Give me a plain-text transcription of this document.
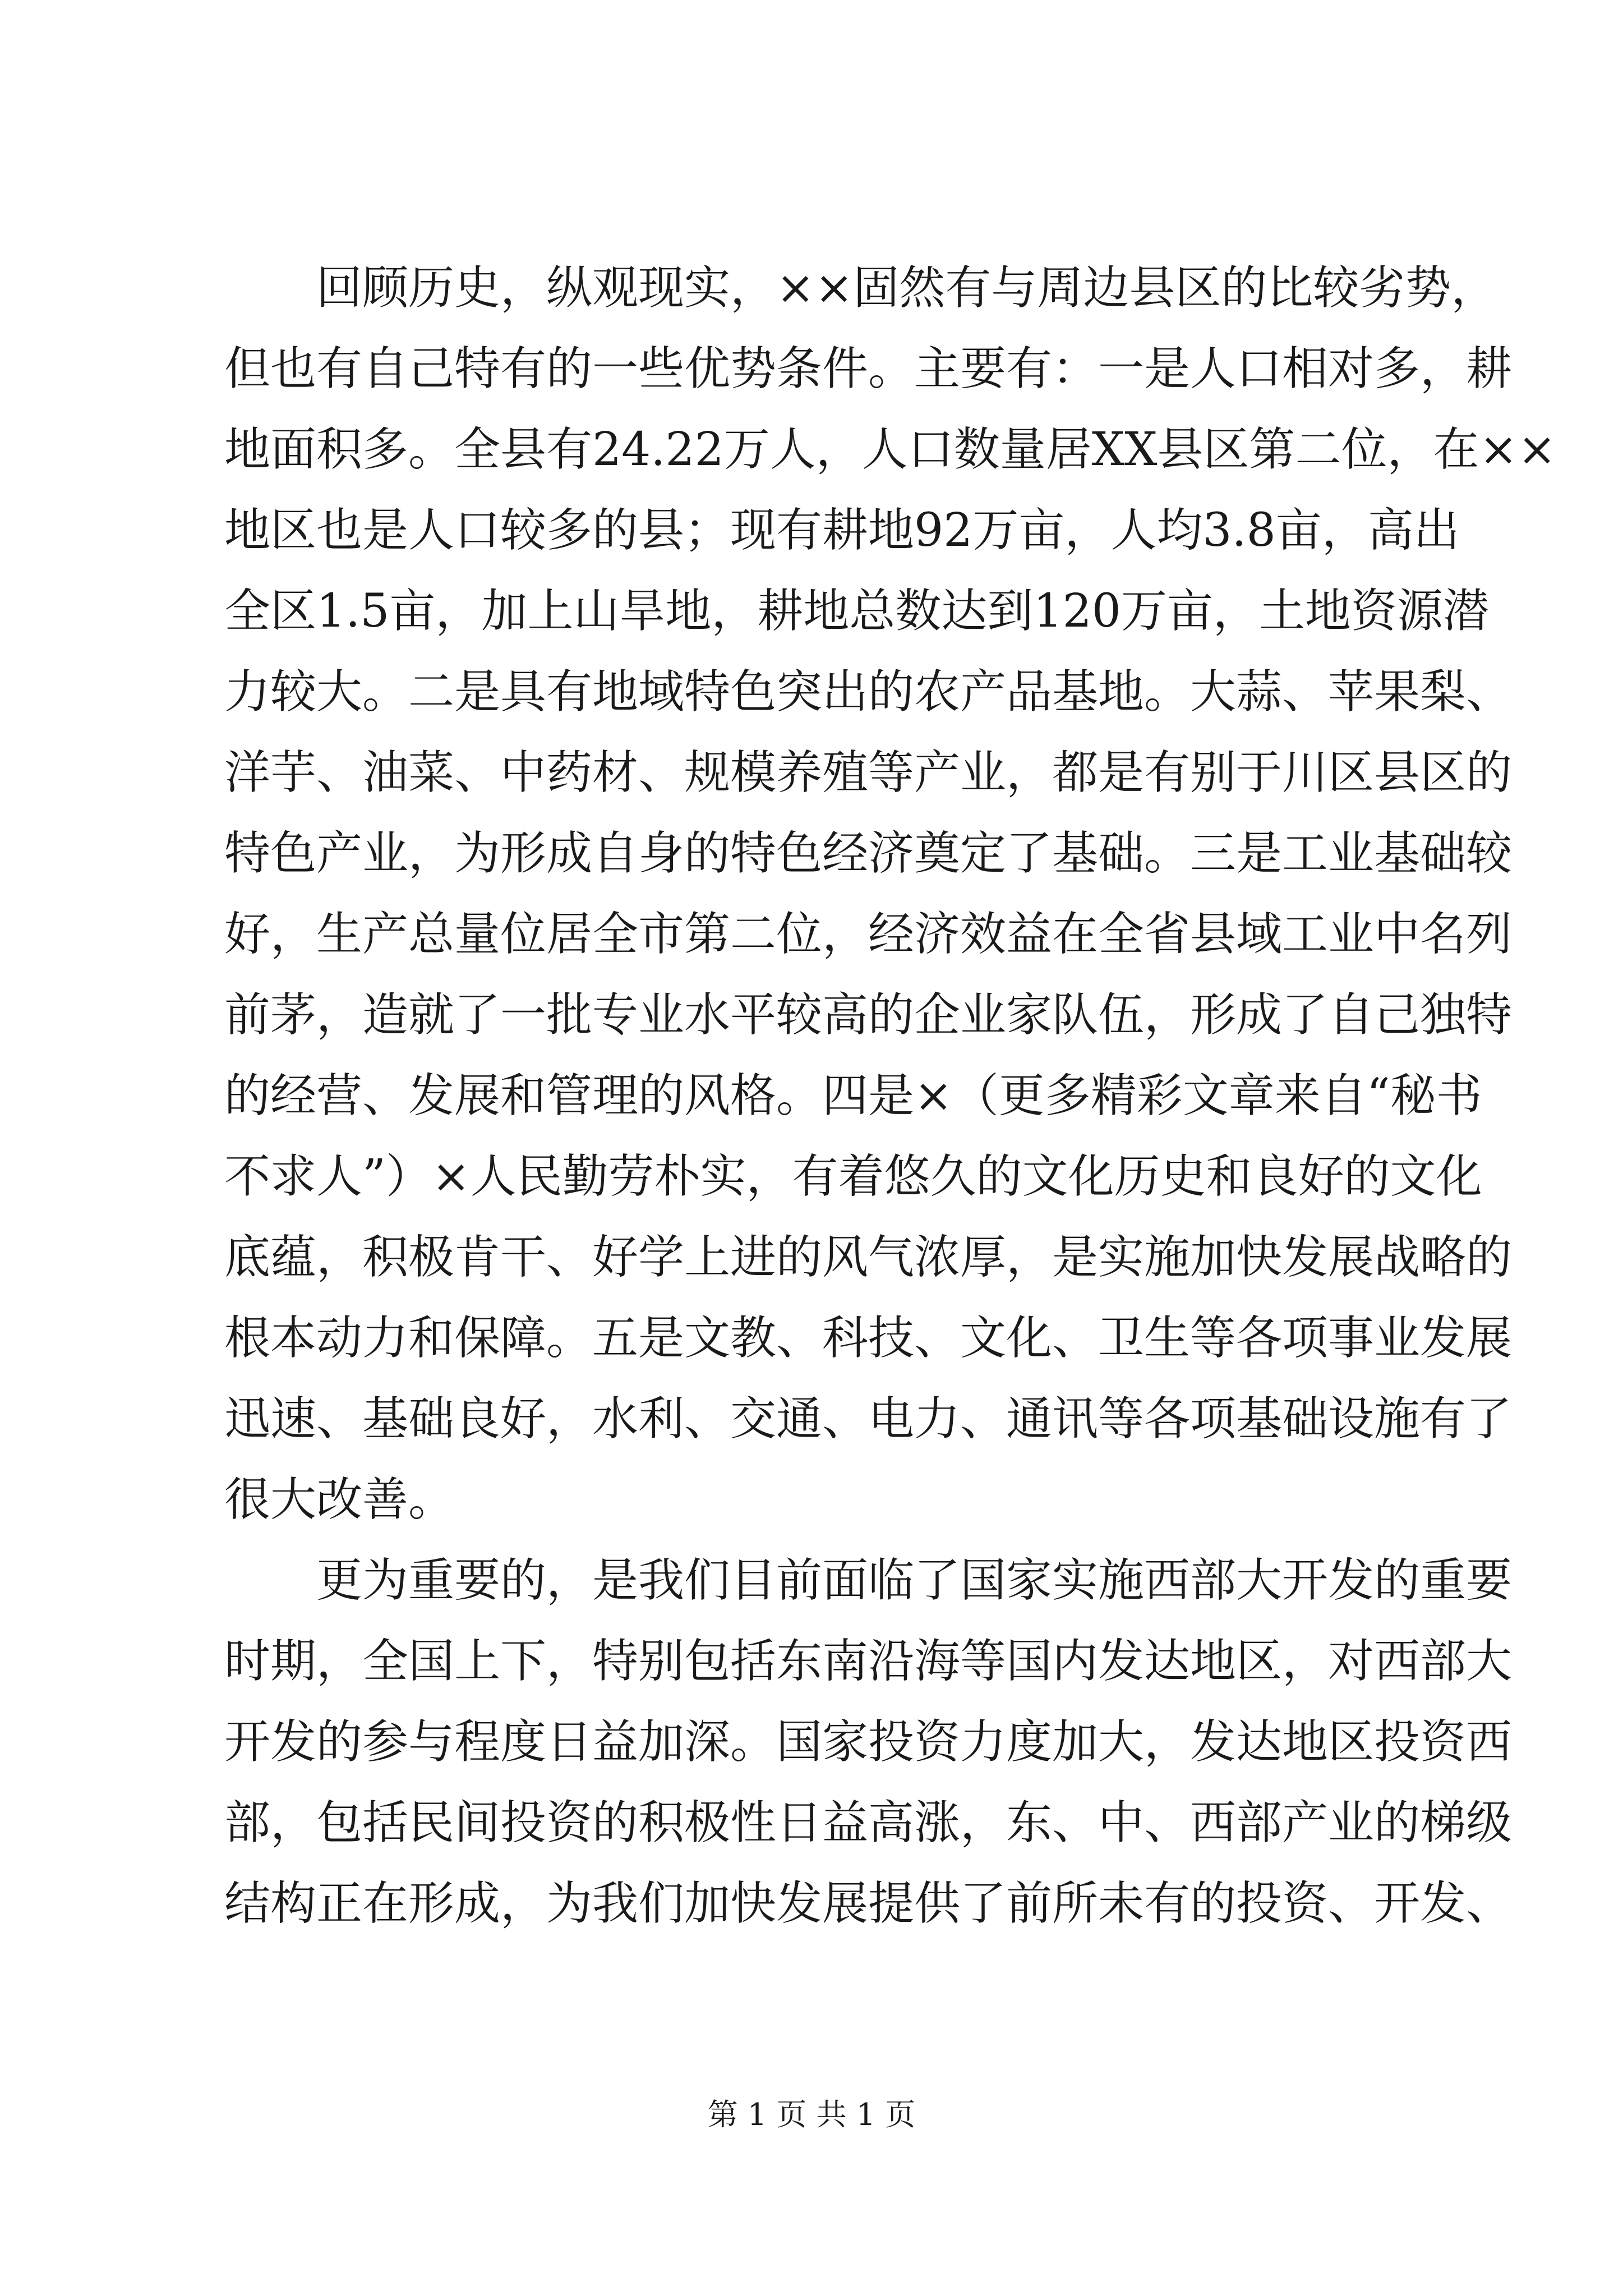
回顾历史，纵观现实，××固然有与周边县区的比较劣势，
但也有自己特有的一些优势条件。主要有：一是人口相对多，耕
地面积多。全县有24.22万人，人口数量居XX县区第二位，在××
地区也是人口较多的县；现有耕地92万亩，人均3.8亩，高出
全区1.5亩，加上山旱地，耕地总数达到120万亩，土地资源潜
力较大。二是具有地域特色突出的农产品基地。大蒜、苹果梨、
洋芋、油菜、中药材、规模养殖等产业，都是有别于川区县区的
特色产业，为形成自身的特色经济奠定了基础。三是工业基础较
好，生产总量位居全市第二位，经济效益在全省县域工业中名列
前茅，造就了一批专业水平较高的企业家队伍，形成了自己独特
的经营、发展和管理的风格。四是×（更多精彩文章来自“秘书
不求人”）×人民勤劳朴实，有着悠久的文化历史和良好的文化
底蕴，积极肯干、好学上进的风气浓厚，是实施加快发展战略的
根本动力和保障。五是文教、科技、文化、卫生等各项事业发展
迅速、基础良好，水利、交通、电力、通讯等各项基础设施有了
很大改善。
更为重要的，是我们目前面临了国家实施西部大开发的重要
时期，全国上下，特别包括东南沿海等国内发达地区，对西部大
开发的参与程度日益加深。国家投资力度加大，发达地区投资西
部，包括民间投资的积极性日益高涨，东、中、西部产业的梯级
结构正在形成，为我们加快发展提供了前所未有的投资、开发、
第 1 页 共 1 页
